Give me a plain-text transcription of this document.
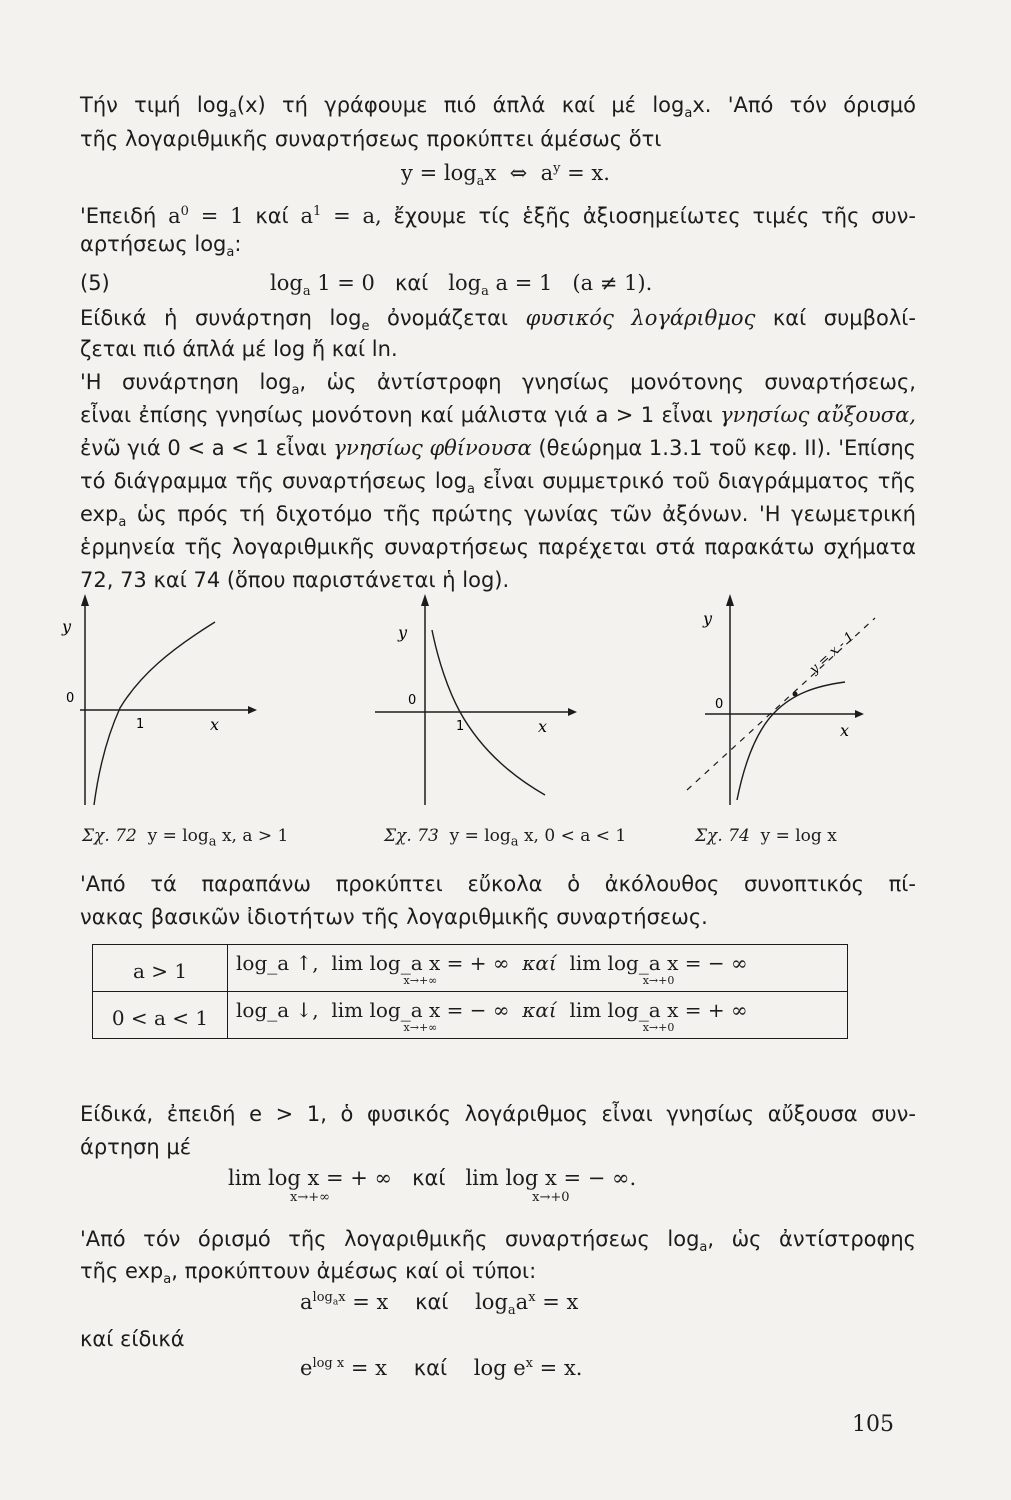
Τήν τιμή $\log_a(x)$ τή γράφουμε πιό άπλά καί μέ $\log_ax$. 'Από τόν όρισμό
τῆς λογαριθμικῆς συναρτήσεως προκύπτει άμέσως ὅτι
$y = \log_ax$  ⇔  $a^y = x$.
'Επειδή $a^0 = 1$ καί $a^1 = a$, ἔχουμε τίς ἑξῆς ἀξιοσημείωτες τιμές τῆς συν-
αρτήσεως $\log_a$:
(5)	$\log_a 1 = 0$   καί   $\log_a a = 1$   (a ≠ 1).
Είδικά ἡ συνάρτηση $\log_e$ ὀνομάζεται φυσικός λογάριθμος καί συμβολί-
ζεται πιό άπλά μέ log ἤ καί ln.
'Η συνάρτηση $\log_a$, ὡς ἀντίστροφη γνησίως μονότονης συναρτήσεως,
εἶναι ἐπίσης γνησίως μονότονη καί μάλιστα γιά a > 1 εἶναι γνησίως αὔξουσα,
ἐνῶ γιά 0 < a < 1 εἶναι γνησίως φθίνουσα (θεώρημα 1.3.1 τοῦ κεφ. II). 'Επίσης
τό διάγραμμα τῆς συναρτήσεως $\log_a$ εἶναι συμμετρικό τοῦ διαγράμματος τῆς
$\exp_a$ ὡς πρός τή διχοτόμο τῆς πρώτης γωνίας τῶν ἀξόνων. 'Η γεωμετρική
ἑρμηνεία τῆς λογαριθμικῆς συναρτήσεως παρέχεται στά παρακάτω σχήματα
72, 73 καί 74 (ὅπου παριστάνεται ἡ log).
y
0
1	x
y
0
1	x
y
0
x
y = x - 1
Σχ. 72 $y = \log_a x$, a > 1	Σχ. 73 $y = \log_a x$, 0 < a < 1	Σχ. 74 y = log x
'Από τά παραπάνω προκύπτει εὔκολα ὁ ἀκόλουθος συνοπτικός πί-
νακας βασικῶν ἰδιοτήτων τῆς λογαριθμικῆς συναρτήσεως.
a > 1	log_a ↑,  lim log_a x = + ∞
x→+∞
καί lim log_a x = − ∞
x→+0

0 < a < 1	log_a ↓,  lim log_a x = − ∞
x→+∞
καί lim log_a x = + ∞
x→+0
Είδικά, ἐπειδή e > 1, ὁ φυσικός λογάριθμος εἶναι γνησίως αὔξουσα συν-
άρτηση μέ
lim log x = + ∞
x→+∞
καί lim log x = − ∞.
x→+0
'Από τόν όρισμό τῆς λογαριθμικῆς συναρτήσεως $\log_a$, ὡς ἀντίστροφης
τῆς $\exp_a$, προκύπτουν ἀμέσως καί οἱ τύποι:
$a^{log_ax} = x$    καί    $\log_aa^x = x$
καί είδικά
$e^{log x} = x$    καί    $\log e^x = x$.
105
